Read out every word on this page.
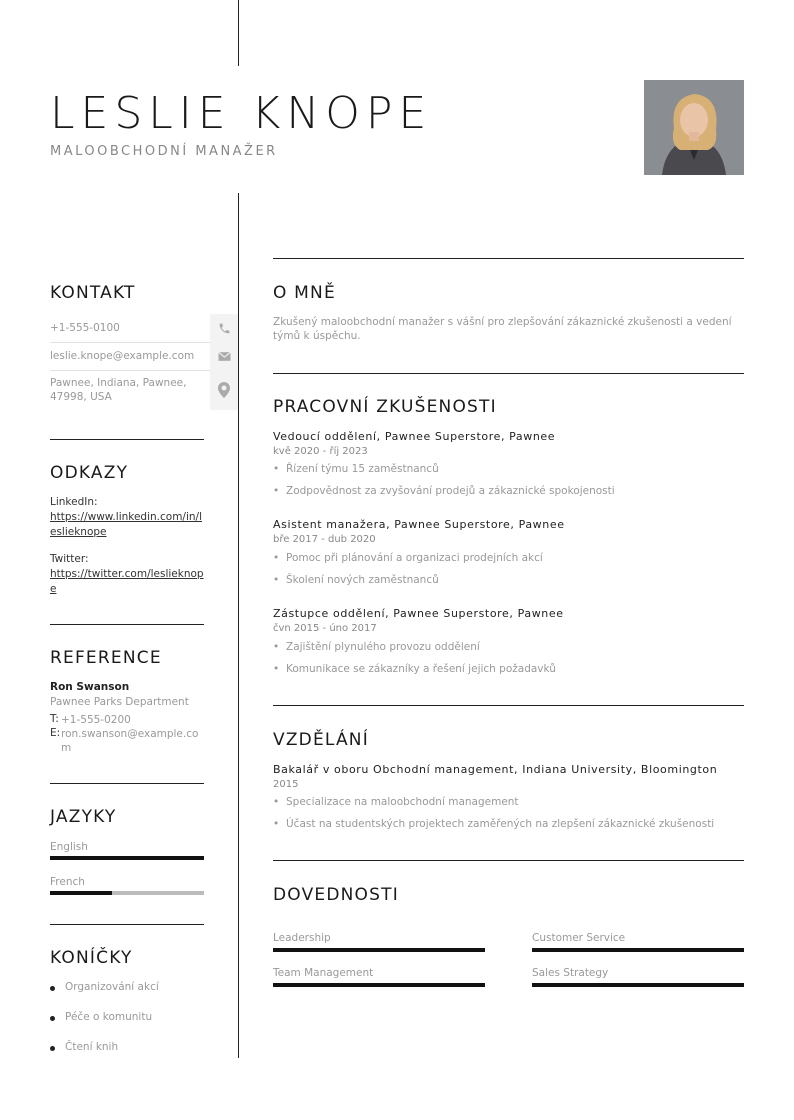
LESLIE KNOPE
MALOOBCHODNÍ MANAŽER
KONTAKT
+1-555-0100
leslie.knope@example.com
Pawnee, Indiana, Pawnee, 47998, USA
ODKAZY
LinkedIn:
https://www.linkedin.com/in/leslieknope
Twitter:
https://twitter.com/leslieknope
REFERENCE
Ron Swanson
Pawnee Parks Department
T: +1-555-0200
E: ron.swanson@example.com
JAZYKY
English
French
KONÍČKY
Organizování akcí
Péče o komunitu
Čtení knih
O MNĚ
Zkušený maloobchodní manažer s vášní pro zlepšování zákaznické zkušenosti a vedení týmů k úspěchu.
PRACOVNÍ ZKUŠENOSTI
Vedoucí oddělení, Pawnee Superstore, Pawnee
kvě 2020 - říj 2023
• Řízení týmu 15 zaměstnanců
• Zodpovědnost za zvyšování prodejů a zákaznické spokojenosti
Asistent manažera, Pawnee Superstore, Pawnee
bře 2017 - dub 2020
• Pomoc při plánování a organizaci prodejních akcí
• Školení nových zaměstnanců
Zástupce oddělení, Pawnee Superstore, Pawnee
čvn 2015 - úno 2017
• Zajištění plynulého provozu oddělení
• Komunikace se zákazníky a řešení jejich požadavků
VZDĚLÁNÍ
Bakalář v oboru Obchodní management, Indiana University, Bloomington
2015
• Specializace na maloobchodní management
• Účast na studentských projektech zaměřených na zlepšení zákaznické zkušenosti
DOVEDNOSTI
Leadership	Customer Service
Team Management	Sales Strategy
